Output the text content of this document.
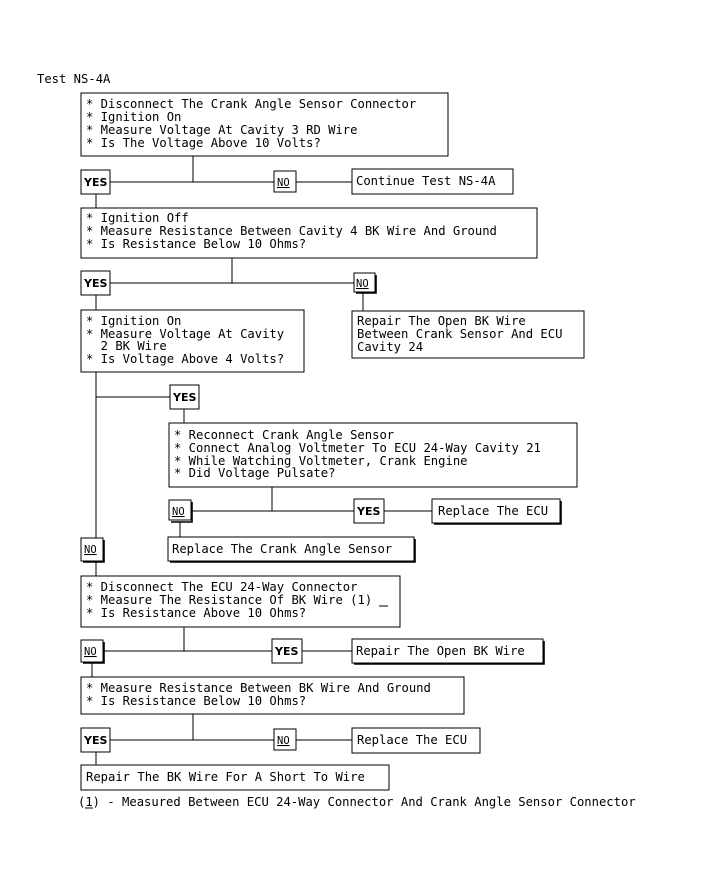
Test NS-4A
* Disconnect The Crank Angle Sensor Connector
* Ignition On
* Measure Voltage At Cavity 3 RD Wire
* Is The Voltage Above 10 Volts?
YES	NO	Continue Test NS-4A
* Ignition Off
* Measure Resistance Between Cavity 4 BK Wire And Ground
* Is Resistance Below 10 Ohms?
YES	NO
Repair The Open BK Wire
Between Crank Sensor And ECU
Cavity 24
* Ignition On
* Measure Voltage At Cavity
2 BK Wire
* Is Voltage Above 4 Volts?
YES
* Reconnect Crank Angle Sensor
* Connect Analog Voltmeter To ECU 24-Way Cavity 21
* While Watching Voltmeter, Crank Engine
* Did Voltage Pulsate?
NO	YES	Replace The ECU
NO	Replace The Crank Angle Sensor
* Disconnect The ECU 24-Way Connector
* Measure The Resistance Of BK Wire (1)
* Is Resistance Above 10 Ohms?
NO	YES	Repair The Open BK Wire
* Measure Resistance Between BK Wire And Ground
* Is Resistance Below 10 Ohms?
YES	NO	Replace The ECU
Repair The BK Wire For A Short To Wire
(1) - Measured Between ECU 24-Way Connector And Crank Angle Sensor Connector
